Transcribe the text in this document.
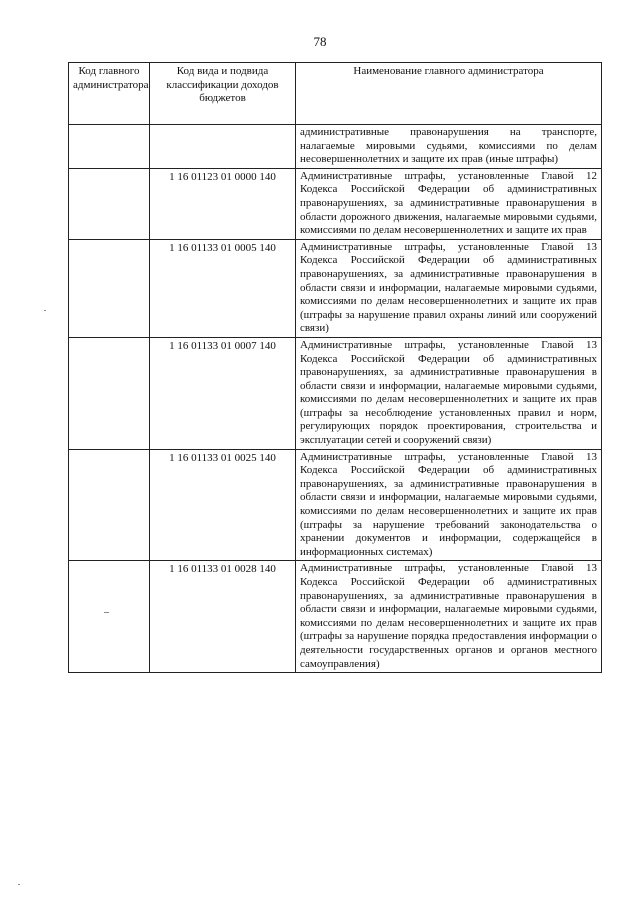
78
Код главного администратора	Код вида и подвида классификации доходов бюджетов	Наименование главного администратора
		административные правонарушения на транспорте, налагаемые мировыми судьями, комиссиями по делам несовершеннолетних и защите их прав (иные штрафы)
	1 16 01123 01 0000 140	Административные штрафы, установленные Главой 12 Кодекса Российской Федерации об административных правонарушениях, за административные правонарушения в области дорожного движения, налагаемые мировыми судьями, комиссиями по делам несовершеннолетних и защите их прав
	1 16 01133 01 0005 140	Административные штрафы, установленные Главой 13 Кодекса Российской Федерации об административных правонарушениях, за административные правонарушения в области связи и информации, налагаемые мировыми судьями, комиссиями по делам несовершеннолетних и защите их прав (штрафы за нарушение правил охраны линий или сооружений связи)
	1 16 01133 01 0007 140	Административные штрафы, установленные Главой 13 Кодекса Российской Федерации об административных правонарушениях, за административные правонарушения в области связи и информации, налагаемые мировыми судьями, комиссиями по делам несовершеннолетних и защите их прав (штрафы за несоблюдение установленных правил и норм, регулирующих порядок проектирования, строительства и эксплуатации сетей и сооружений связи)
	1 16 01133 01 0025 140	Административные штрафы, установленные Главой 13 Кодекса Российской Федерации об административных правонарушениях, за административные правонарушения в области связи и информации, налагаемые мировыми судьями, комиссиями по делам несовершеннолетних и защите их прав (штрафы за нарушение требований законодательства о хранении документов и информации, содержащейся в информационных системах)
	1 16 01133 01 0028 140	Административные штрафы, установленные Главой 13 Кодекса Российской Федерации об административных правонарушениях, за административные правонарушения в области связи и информации, налагаемые мировыми судьями, комиссиями по делам несовершеннолетних и защите их прав (штрафы за нарушение порядка предоставления информации о деятельности государственных органов и органов местного самоуправления)
